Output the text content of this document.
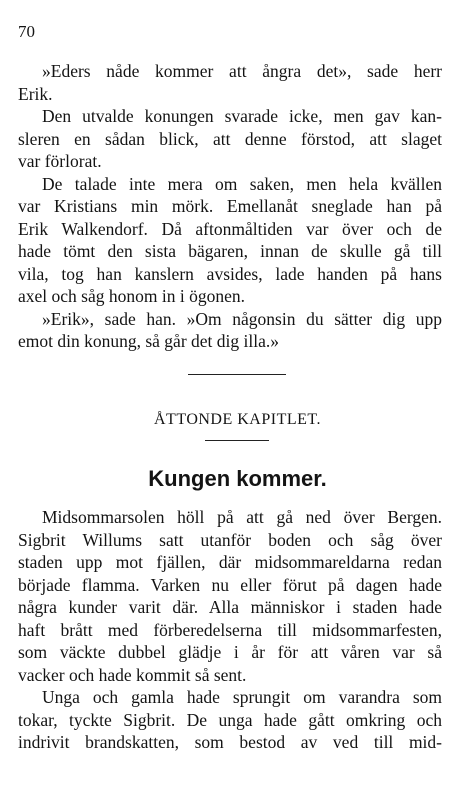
70
»Eders nåde kommer att ångra det», sade herr
Erik.
Den utvalde konungen svarade icke, men gav kan-
sleren en sådan blick, att denne förstod, att slaget
var förlorat.
De talade inte mera om saken, men hela kvällen
var Kristians min mörk. Emellanåt sneglade han på
Erik Walkendorf. Då aftonmåltiden var över och de
hade tömt den sista bägaren, innan de skulle gå till
vila, tog han kanslern avsides, lade handen på hans
axel och såg honom in i ögonen.
»Erik», sade han. »Om någonsin du sätter dig upp
emot din konung, så går det dig illa.»
ÅTTONDE KAPITLET.
Kungen kommer.
Midsommarsolen höll på att gå ned över Bergen.
Sigbrit Willums satt utanför boden och såg över
staden upp mot fjällen, där midsommareldarna redan
började flamma. Varken nu eller förut på dagen hade
några kunder varit där. Alla människor i staden hade
haft brått med förberedelserna till midsommarfesten,
som väckte dubbel glädje i år för att våren var så
vacker och hade kommit så sent.
Unga och gamla hade sprungit om varandra som
tokar, tyckte Sigbrit. De unga hade gått omkring och
indrivit brandskatten, som bestod av ved till mid-
